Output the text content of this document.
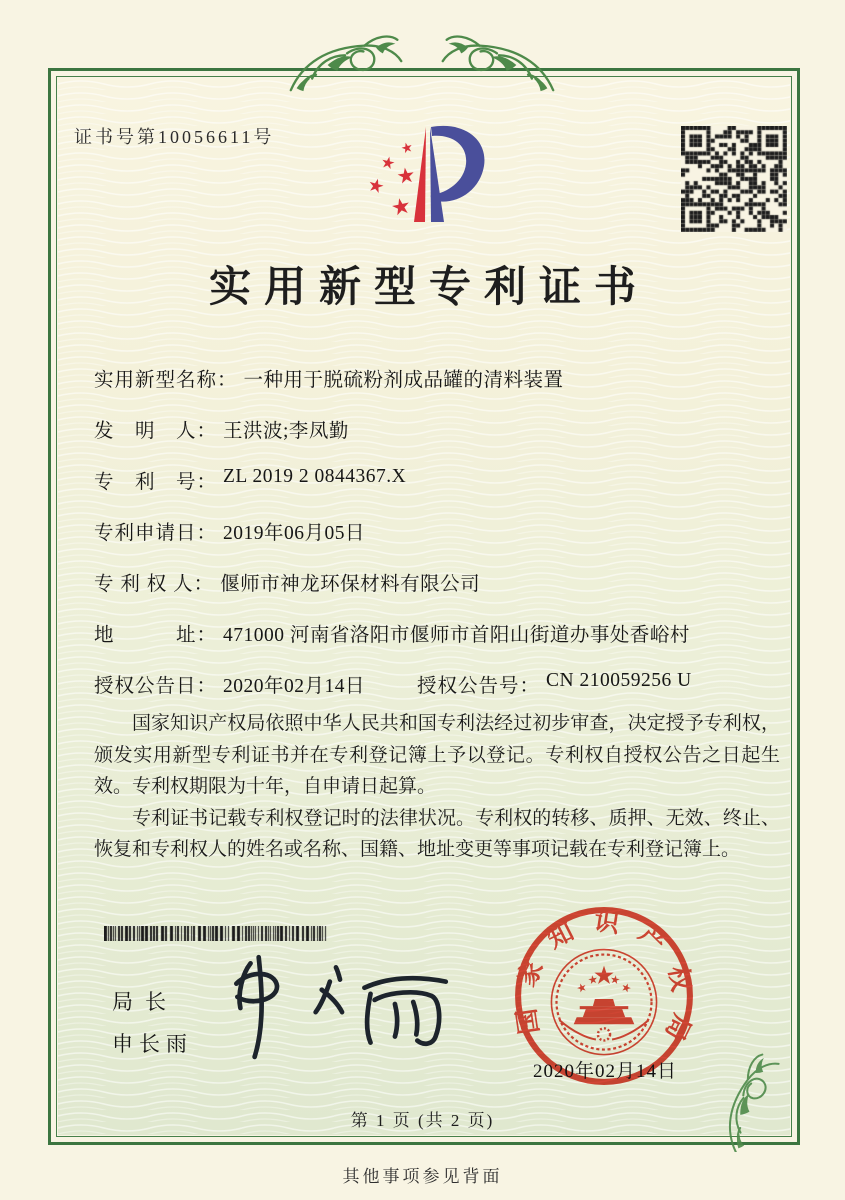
证书号第10056611号
实用新型专利证书
实用新型名称： 一种用于脱硫粉剂成品罐的清料装置
发　明　人： 王洪波;李凤勤
专　利　号： ZL 2019 2 0844367.X
专利申请日： 2019年06月05日
专 利 权 人： 偃师市神龙环保材料有限公司
地　　　址： 471000 河南省洛阳市偃师市首阳山街道办事处香峪村
授权公告日： 2020年02月14日	授权公告号： CN 210059256 U

国家知识产权局依照中华人民共和国专利法经过初步审查，决定授予专利权，颁发实用新型专利证书并在专利登记簿上予以登记。专利权自授权公告之日起生效。专利权期限为十年，自申请日起算。

专利证书记载专利权登记时的法律状况。专利权的转移、质押、无效、终止、恢复和专利权人的姓名或名称、国籍、地址变更等事项记载在专利登记簿上。

局长
申长雨
国家知识产权局
2020年02月14日
第 1 页 (共 2 页)
其他事项参见背面
